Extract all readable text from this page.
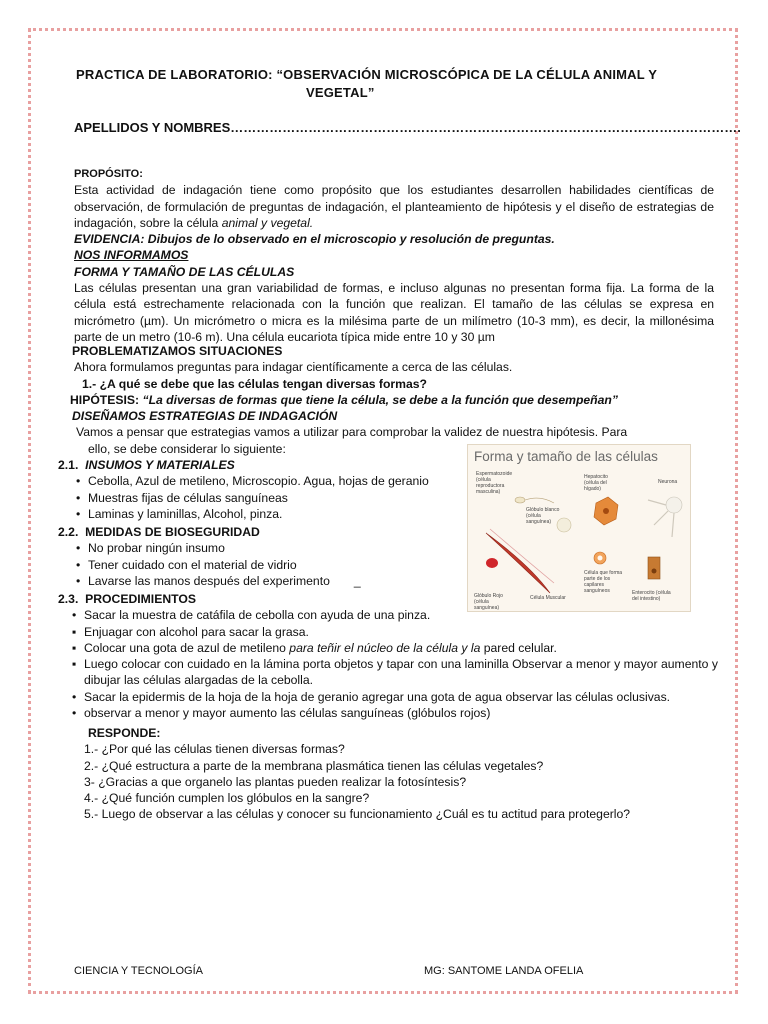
PRACTICA DE LABORATORIO: “OBSERVACIÓN MICROSCÓPICA DE LA CÉLULA ANIMAL Y
VEGETAL”
APELLIDOS Y NOMBRES……………………………………………………………………………………………………….

PROPÓSITO:

Esta actividad de indagación tiene como propósito que los estudiantes desarrollen habilidades científicas de observación, de formulación de preguntas de indagación, el planteamiento de hipótesis y el diseño de estrategias de indagación, sobre la célula animal y vegetal.

EVIDENCIA: Dibujos de lo observado en el microscopio y resolución de preguntas.

NOS INFORMAMOS

FORMA Y TAMAÑO DE LAS CÉLULAS

Las células presentan una gran variabilidad de formas, e incluso algunas no presentan forma fija. La forma de la célula está estrechamente relacionada con la función que realizan. El tamaño de las células se expresa en micrómetro (µm). Un micrómetro o micra es la milésima parte de un milímetro (10-3 mm), es decir, la millonésima parte de un metro (10-6 m). Una célula eucariota típica mide entre 10 y 30 µm

PROBLEMATIZAMOS SITUACIONES

Ahora formulamos preguntas para indagar científicamente a cerca de las células.

1.- ¿A qué se debe que las células tengan diversas formas?

HIPÓTESIS: “La diversas de formas que tiene la célula, se debe a la función que desempeñan”

DISEÑAMOS ESTRATEGIAS DE INDAGACIÓN

Vamos a pensar que estrategias vamos a utilizar para comprobar la validez de nuestra hipótesis. Para

ello, se debe considerar lo siguiente:

2.1. INSUMOS Y MATERIALES

• Cebolla, Azul de metileno, Microscopio. Agua, hojas de geranio
• Muestras fijas de células sanguíneas
• Laminas y laminillas, Alcohol, pinza.

2.2. MEDIDAS DE BIOSEGURIDAD

• No probar ningún insumo
• Tener cuidado con el material de vidrio
• Lavarse las manos después del experimento _
Forma y tamaño de las células
Espermatozoide (célula reproductora masculina)
Hepatocito (célula del hígado)
Neurona
Glóbulo blanco (célula sanguínea)
Glóbulo Rojo (célula sanguínea)
Célula Muscular
Célula que forma parte de los capilares sanguíneos	Enterocito (célula del intestino)

2.3. PROCEDIMIENTOS

• Sacar la muestra de catáfila de cebolla con ayuda de una pinza.
▪ Enjuagar con alcohol para sacar la grasa.
▪ Colocar una gota de azul de metileno para teñir el núcleo de la célula y la pared celular.
▪ Luego colocar con cuidado en la lámina porta objetos y tapar con una laminilla Observar a menor y mayor aumento y dibujar las células alargadas de la cebolla.
• Sacar la epidermis de la hoja de la hoja de geranio agregar una gota de agua observar las células oclusivas.
• observar a menor y mayor aumento las células sanguíneas (glóbulos rojos)

RESPONDE:

1.- ¿Por qué las células tienen diversas formas?

2.- ¿Qué estructura a parte de la membrana plasmática tienen las células vegetales?

3- ¿Gracias a que organelo las plantas pueden realizar la fotosíntesis?

4.- ¿Qué función cumplen los glóbulos en la sangre?

5.- Luego de observar a las células y conocer su funcionamiento ¿Cuál es tu actitud para protegerlo?

CIENCIA Y TECNOLOGÍA	MG: SANTOME LANDA OFELIA
